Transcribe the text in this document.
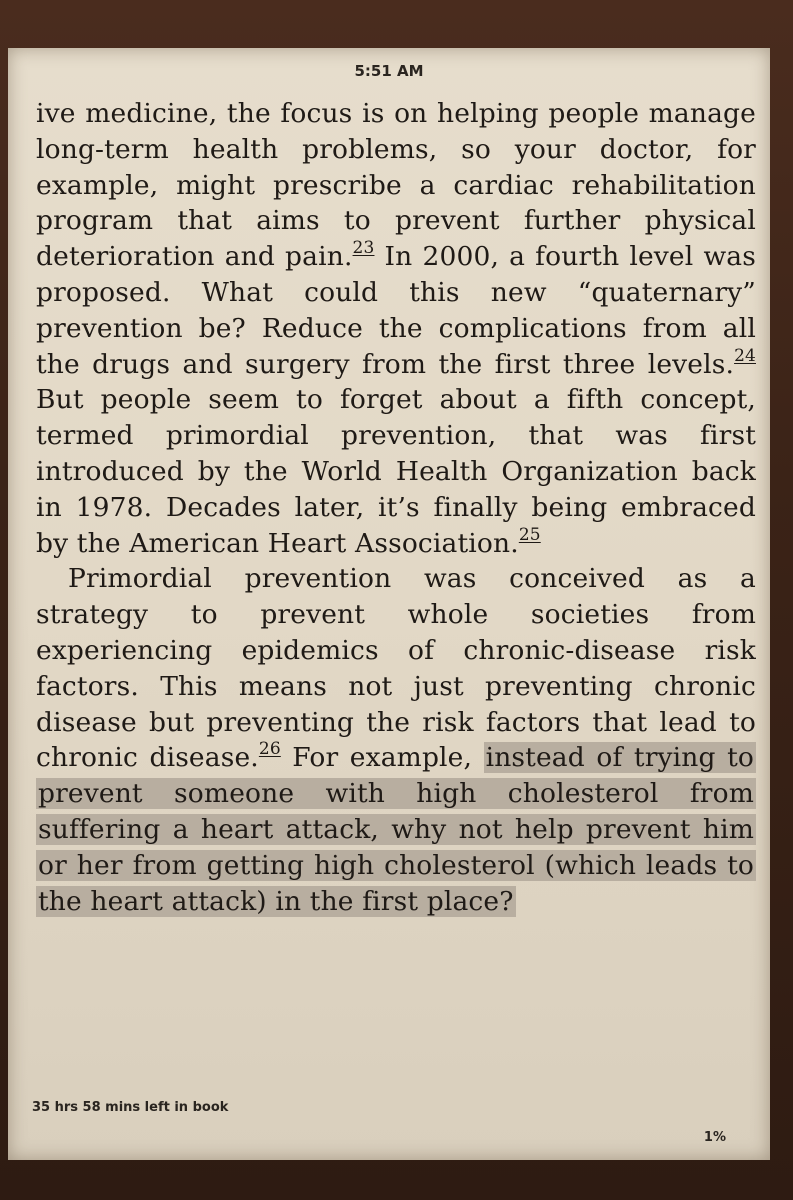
5:51 AM

ive medicine, the focus is on helping people manage long-term health problems, so your doctor, for example, might prescribe a cardiac rehabilitation program that aims to prevent further physical deterioration and pain.$^{23}$ In 2000, a fourth level was proposed. What could this new “quaternary” prevention be? Reduce the complications from all the drugs and surgery from the first three levels.$^{24}$ But people seem to forget about a fifth concept, termed primordial prevention, that was first introduced by the World Health Organization back in 1978. Decades later, it’s finally being embraced by the American Heart Association.$^{25}$

Primordial prevention was conceived as a strategy to prevent whole societies from experiencing epidemics of chronic-disease risk factors. This means not just preventing chronic disease but preventing the risk factors that lead to chronic disease.$^{26}$ For example, instead of trying to prevent someone with high cholesterol from suffering a heart attack, why not help prevent him or her from getting high cholesterol (which leads to the heart attack) in the first place?

35 hrs 58 mins left in book
1%
